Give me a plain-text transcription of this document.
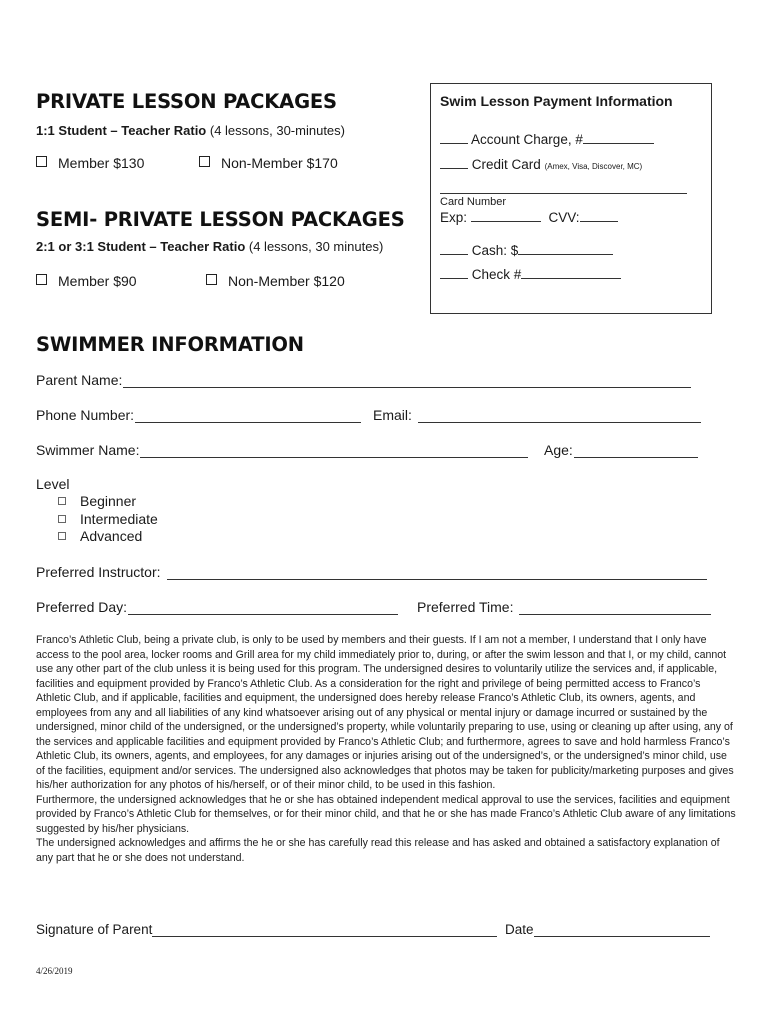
PRIVATE LESSON PACKAGES
1:1 Student – Teacher Ratio (4 lessons, 30-minutes)
Member $130	Non-Member $170
SEMI- PRIVATE LESSON PACKAGES
2:1 or 3:1 Student – Teacher Ratio (4 lessons, 30 minutes)
Member $90	Non-Member $120
Swim Lesson Payment Information
Account Charge, #
Credit Card (Amex, Visa, Discover, MC)
Card Number
Exp:	CVV:
Cash: $
Check #
SWIMMER INFORMATION
Parent Name:
Phone Number:	Email:
Swimmer Name:	Age:
Level
Beginner
Intermediate
Advanced
Preferred Instructor:
Preferred Day:	Preferred Time:

Franco’s Athletic Club, being a private club, is only to be used by members and their guests. If I am not a member, I understand that I only have access to the pool area, locker rooms and Grill area for my child immediately prior to, during, or after the swim lesson and that I, or my child, cannot use any other part of the club unless it is being used for this program. The undersigned desires to voluntarily utilize the services and, if applicable, facilities and equipment provided by Franco’s Athletic Club. As a consideration for the right and privilege of being permitted access to Franco’s Athletic Club, and if applicable, facilities and equipment, the undersigned does hereby release Franco’s Athletic Club, its owners, agents, and employees from any and all liabilities of any kind whatsoever arising out of any physical or mental injury or damage incurred or sustained by the undersigned, minor child of the undersigned, or the undersigned’s property, while voluntarily preparing to use, using or cleaning up after using, any of the services and applicable facilities and equipment provided by Franco’s Athletic Club; and furthermore, agrees to save and hold harmless Franco’s Athletic Club, its owners, agents, and employees, for any damages or injuries arising out of the undersigned’s, or the undersigned’s minor child, use of the facilities, equipment and/or services. The undersigned also acknowledges that photos may be taken for publicity/marketing purposes and gives his/her authorization for any photos of his/herself, or of their minor child, to be used in this fashion.

Furthermore, the undersigned acknowledges that he or she has obtained independent medical approval to use the services, facilities and equipment provided by Franco’s Athletic Club for themselves, or for their minor child, and that he or she has made Franco’s Athletic Club aware of any limitations suggested by his/her physicians.

The undersigned acknowledges and affirms the he or she has carefully read this release and has asked and obtained a satisfactory explanation of any part that he or she does not understand.

Signature of Parent	Date
4/26/2019
